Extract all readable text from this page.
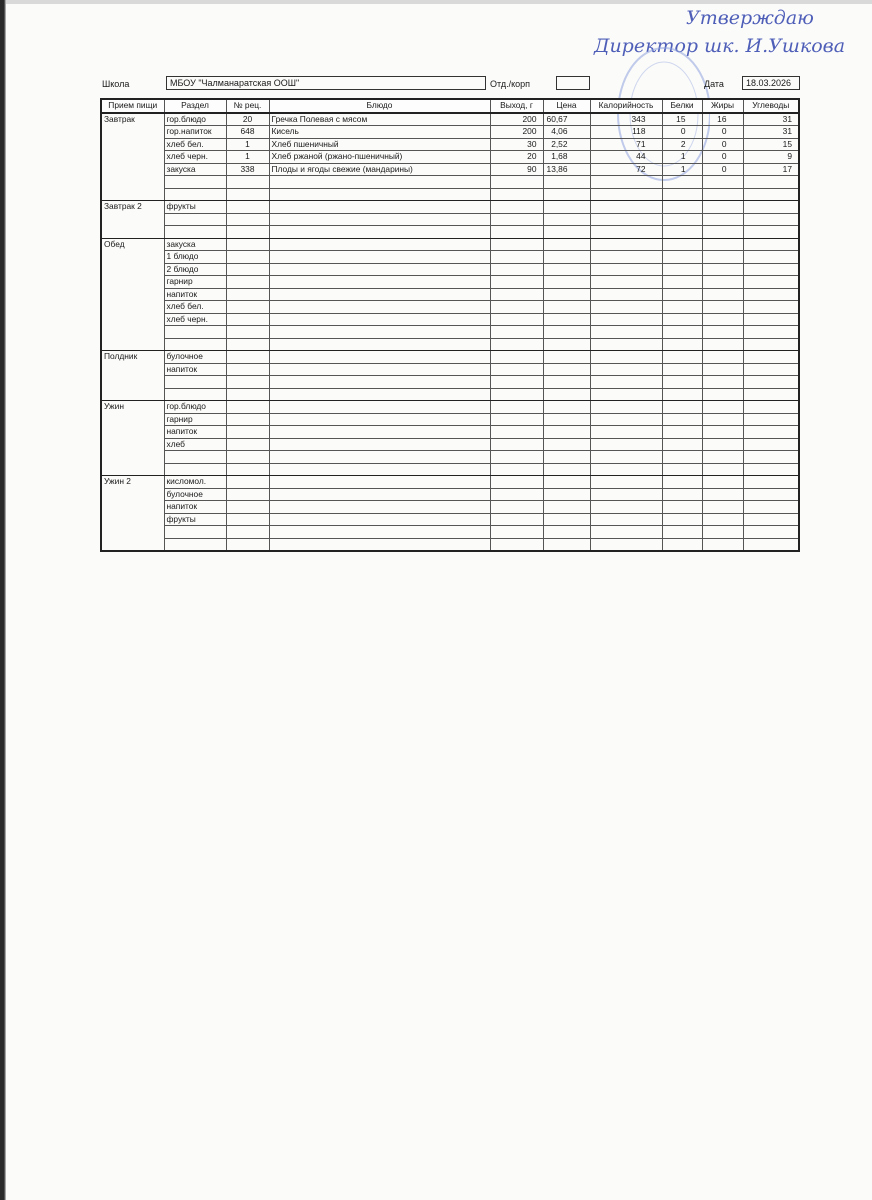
Утверждаю
Директор шк. И.Ушкова
Школа	МБОУ "Чалманаратская ООШ"	Отд./корп	Дата	18.03.2026
Прием пищи	Раздел	№ рец.	Блюдо	Выход, г	Цена	Калорийность	Белки	Жиры	Углеводы
Завтрак	гор.блюдо	20	Гречка Полевая с мясом	200	60,67	343	15	16	31
	гор.напиток	648	Кисель	200	4,06	118	0	0	31
	хлеб бел.	1	Хлеб пшеничный	30	2,52	71	2	0	15
	хлеб черн.	1	Хлеб ржаной (ржано-пшеничный)	20	1,68	44	1	0	9
	закуска	338	Плоды и ягоды свежие (мандарины)	90	13,86	72	1	0	17

Завтрак 2	фрукты								

Обед	закуска								
	1 блюдо								
	2 блюдо								
	гарнир								
	напиток								
	хлеб бел.								
	хлеб черн.								

Полдник	булочное								
	напиток								

Ужин	гор.блюдо								
	гарнир								
	напиток								
	хлеб								

Ужин 2	кисломол.								
	булочное								
	напиток								
	фрукты								
